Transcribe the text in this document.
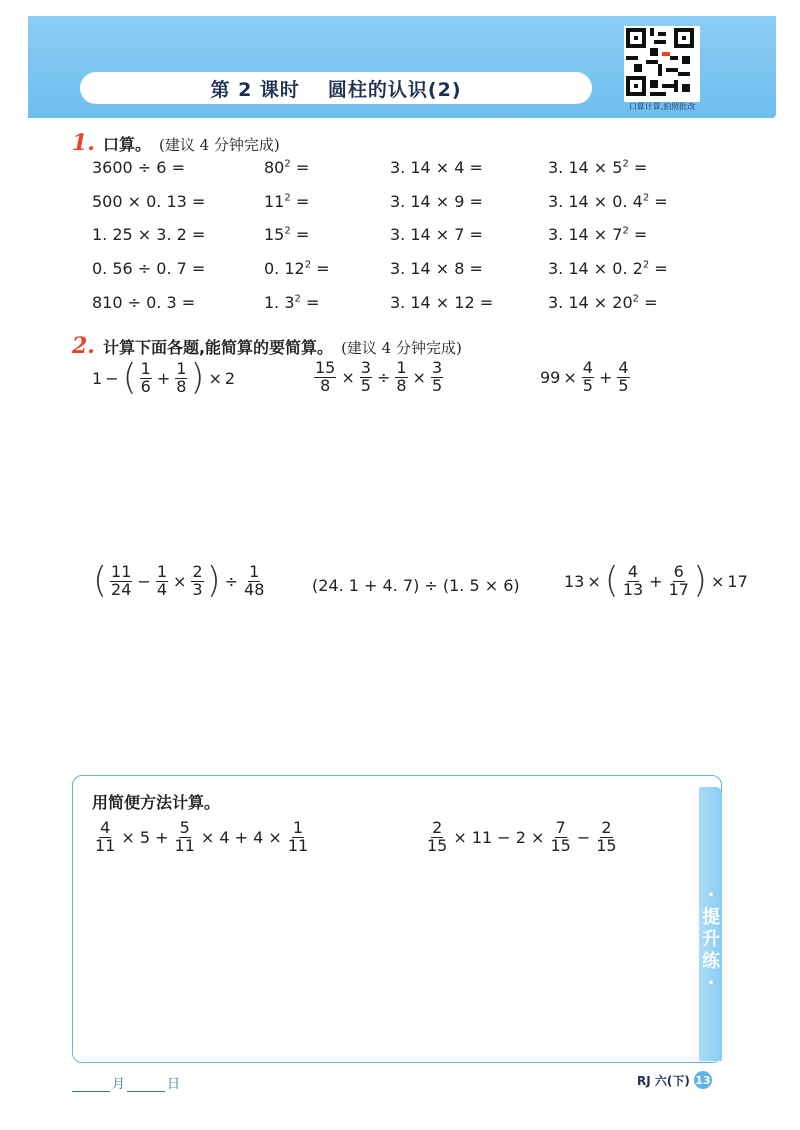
第 2 课时 圆柱的认识(2)
口算计算,拍照批改
1. 口算。 (建议 4 分钟完成)
3600 ÷ 6 =	$80^2$ =	3. 14 × 4 =	3. $14 \times 5^2$ =
500 × 0. 13 =	$11^2$ =	3. 14 × 9 =	3. 14 × 0. $4^2$ =
1. 25 × 3. 2 =	$15^2$ =	3. 14 × 7 =	3. $14 \times 7^2$ =
0. 56 ÷ 0. 7 =	0. $12^2$ =	3. 14 × 8 =	3. 14 × 0. $2^2$ =
810 ÷ 0. 3 =	1. $3^2$ =	3. 14 × 12 =	3. $14 \times 20^2$ =
2. 计算下面各题,能简算的要简算。 (建议 4 分钟完成)
1 − ( $\frac{1}{6} + \frac{1}{8}$ ) × 2	$\frac{15}{8} \times \frac{3}{5} \div \frac{1}{8} \times \frac{3}{5}$	$99 \times \frac{4}{5} + \frac{4}{5}$
( $\frac{11}{24} - \frac{1}{4} \times \frac{2}{3}$ ) ÷ $\frac{1}{48}$	(24. 1 + 4. 7) ÷ (1. 5 × 6)	13 × ( $\frac{4}{13} + \frac{6}{17}$ ) × 17
•
提
升
练
•
用简便方法计算。
$\frac{4}{11} \times 5 + \frac{5}{11} \times 4 + 4 \times \frac{1}{11}$	$\frac{2}{15} \times 11 - 2 \times \frac{7}{15} - \frac{2}{15}$
月	日	RJ 六(下) 13
